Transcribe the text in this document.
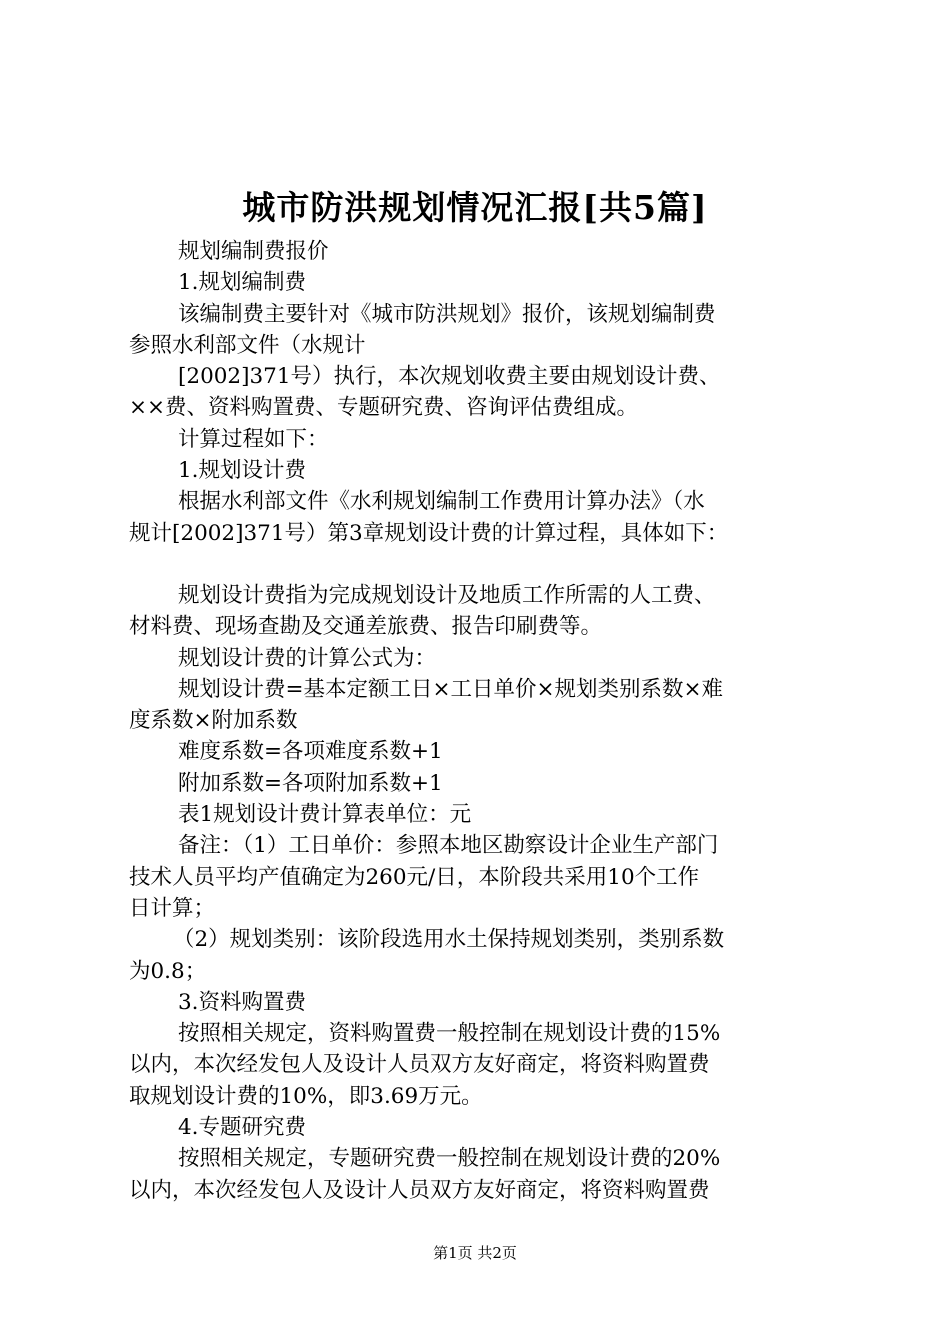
城市防洪规划情况汇报[共5篇]

规划编制费报价

1.规划编制费

该编制费主要针对《城市防洪规划》报价，该规划编制费

参照水利部文件（水规计

[2002]371号）执行，本次规划收费主要由规划设计费、

××费、资料购置费、专题研究费、咨询评估费组成。

计算过程如下：

1.规划设计费

根据水利部文件《水利规划编制工作费用计算办法》（水

规计[2002]371号）第3章规划设计费的计算过程，具体如下：

规划设计费指为完成规划设计及地质工作所需的人工费、

材料费、现场查勘及交通差旅费、报告印刷费等。

规划设计费的计算公式为：

规划设计费=基本定额工日×工日单价×规划类别系数×难

度系数×附加系数

难度系数=各项难度系数+1

附加系数=各项附加系数+1

表1规划设计费计算表单位：元

备注：（1）工日单价：参照本地区勘察设计企业生产部门

技术人员平均产值确定为260元/日，本阶段共采用10个工作

日计算；

（2）规划类别：该阶段选用水土保持规划类别，类别系数

为0.8；

3.资料购置费

按照相关规定，资料购置费一般控制在规划设计费的15%

以内，本次经发包人及设计人员双方友好商定，将资料购置费

取规划设计费的10%，即3.69万元。

4.专题研究费

按照相关规定，专题研究费一般控制在规划设计费的20%

以内，本次经发包人及设计人员双方友好商定，将资料购置费

第1页 共2页
